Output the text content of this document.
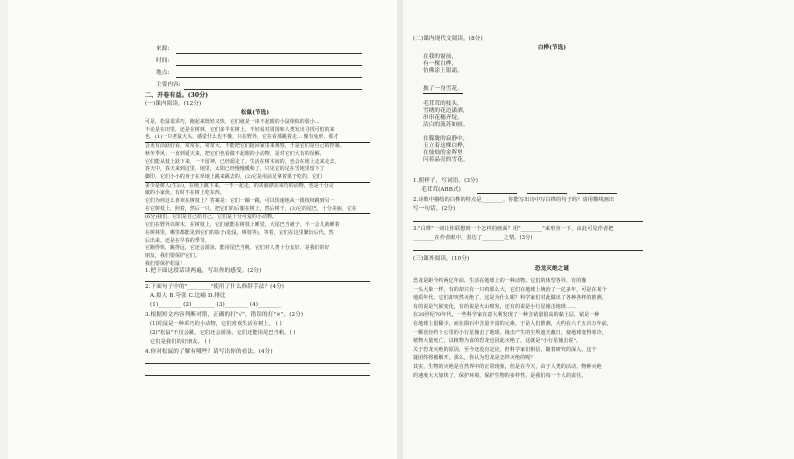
来源:
时间:
地点:
主要内容:
二、开卷有益。(30分)
(一)课内阅读。(12分)
松鼠(节选)
可是，松鼠很乖巧，跑起来既轻又快，它们就是一串不起眼的小鼠相似的弱小...
不论是在田里，还是在树林，它们多半在树上，不轻易对周围和人类发出寻找可怕的来
也，(1)一只老鼠大头，感觉什么也不像，只在野外，它在看那跳着走... 像有兔形，那才
会更有活跃好看，常常在，常常大，不能把它们捉回家里来观察，于是它们是自己的控制。
秋冬季风：一直到夏天来，把它们也看做不起眼的小动物，是对它们大有的误解，
它们能从枝上跃下来，一不留神，已经溜走了，生活在树木间的，也会在地上走来走去。
春天中，春天来到这里，地里，太阳已经慢慢暖和了，只见它的足在雪地里留下了
脚印，它们小小的身子在草地上跳来跳去的，(2)它是用前足拿着果子吃的，它们
多少是树人(生后)，在地上跳下来，一不一起走，的美丽漂亮乖巧的动物，也是十分灵
敏的小家伙。有时不在树上吃东西。
它们为何这么喜欢在树枝上？答案是：它们一蹦一跳，可以快速地从一根枝杈跳到另一
在它树枝上，照着，然后一只，把它们的后腿在树上，然后树干，(3)它的尾巴，十分美丽，它在
(6分)我们，它们是自己给自己，它们是十分可爱的小动物。
它们在野外以树木，在树枝上，它们就能在树枝上睡觉，大尾巴当被子，不一会儿就睡着
在树林里，哪里都能见到它们的影子(松鼠，树枝等)，等着，它们在这里繁衍后代，然
后出来，还是在早春的季节，
它跑得快，跳得远，它还会游泳，能用尾巴当帆，它们对人类十分友好，是我们的好
朋友，我们要保护它们。
我们要保护松鼠！
1.把下面这段话读两遍，写出你的感受。(2分)
2.下面句子中的"________"使用了什么修辞手法？(4分)
A.拟人 B.夸张 C.比喻 D.排比
(1)________ (2)________ (3)________ (4)________
3.根据短文内容判断对错，正确的打"√"，错误的打"×"。(2分)
(1)松鼠是一种乖巧的小动物，它们喜欢生活在树上。 ( )
(2)"松鼠"不仅会跳，它们还会游泳，它们还能用尾巴当帆。( )
它们是我们的好朋友。 ( )
4.你对松鼠的了解有哪些？请写出你的看法。(4分)
(二)课内现代文阅读。(8分)
白桦(节选)
在我的窗前，
有一棵白桦，
仿佛涂上银霜，
披了一身雪花。
毛茸茸的枝头，
雪绣的花边潇洒，
串串花穗齐绽，
洁白的流苏如画。
在朦胧的寂静中，
玉立着这棵白桦，
在灿灿的金晖里
闪着晶亮的雪花。
1.照样子，写词语。(3分)
毛茸茸(ABB式)
2.诗歌中描绘的白桦的特点是________，你能写出诗中写白桦的句子吗？请用横线画出
写一句话。(2分)
3."白桦"一词让你联想到一个怎样的画面？用"________"来形容一下，由此可见作者把
________在作者眼中，表达了________之情。(3分)
(三)课外阅读。(10分)
恐龙灭绝之谜
恐龙是距今约两亿年前，生活在地球上的一种动物。它们的体型各异，有的像
一头大象一样，有的却只有一只鸡那么大，它们在地球上统治了一亿多年，可是在某个
地质年代，它们却突然灭绝了，这是为什么呢？科学家们对此做出了各种各样的推测，
有的说是气候变化，有的说是火山喷发，还有的说是小行星撞击地球……
在20世纪70年代，一些科学家在意大利发现了一种含铱量很高的黏土层，铱是一种
在地球上很稀少，而在陨石中含量丰富的元素，于是人们推测，大约在六千五百万年前，
一颗直径约十公里的小行星撞击了地球，撞击产生的尘埃遮天蔽日，使地球变得寒冷，
植物大量死亡，以植物为食的恐龙也因此灭绝了，这就是"小行星撞击说"。
关于恐龙灭绝的原因，至今还没有定论，但科学家们相信，随着研究的深入，这个
谜团终将被解开。那么，你认为恐龙是怎样灭绝的呢？
其实，生物的灭绝是自然界中的正常现象，但是在今天，由于人类的活动，物种灭绝
的速度大大加快了，保护环境，保护生物的多样性，是我们每一个人的责任。
